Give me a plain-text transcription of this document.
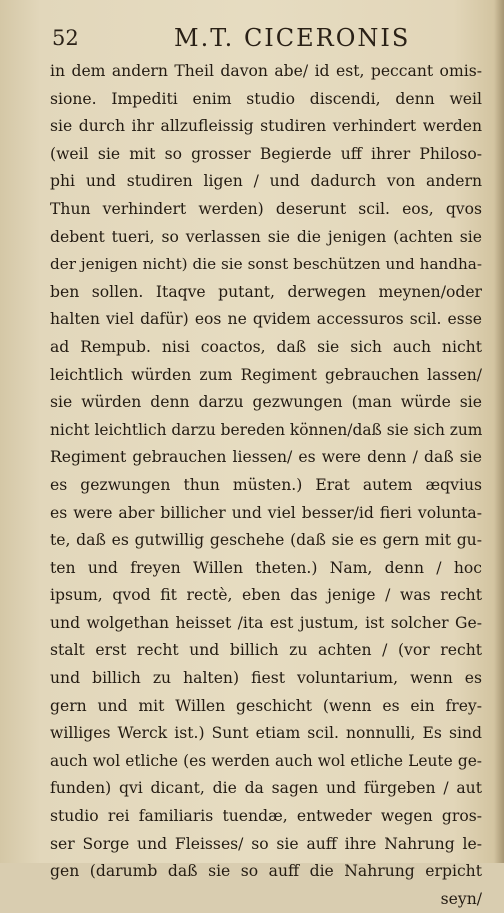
52	M.T. CICERONIS
in dem andern Theil davon abe/ id est, peccant omis-
sione. Impediti enim studio discendi, denn weil
sie durch ihr allzufleissig studiren verhindert werden
(weil sie mit so grosser Begierde uff ihrer Philoso-
phi und studiren ligen / und dadurch von andern
Thun verhindert werden) deserunt scil. eos, qvos
debent tueri, so verlassen sie die jenigen (achten sie
der jenigen nicht) die sie sonst beschützen und handha-
ben sollen. Itaqve putant, derwegen meynen/oder
halten viel dafür) eos ne qvidem accessuros scil. esse
ad Rempub. nisi coactos, daß sie sich auch nicht
leichtlich würden zum Regiment gebrauchen lassen/
sie würden denn darzu gezwungen (man würde sie
nicht leichtlich darzu bereden können/daß sie sich zum
Regiment gebrauchen liessen/ es were denn / daß sie
es gezwungen thun müsten.) Erat autem æqvius
es were aber billicher und viel besser/id fieri volunta-
te, daß es gutwillig geschehe (daß sie es gern mit gu-
ten und freyen Willen theten.) Nam, denn / hoc
ipsum, qvod fit rectè, eben das jenige / was recht
und wolgethan heisset /ita est justum, ist solcher Ge-
stalt erst recht und billich zu achten / (vor recht
und billich zu halten) fiest voluntarium, wenn es
gern und mit Willen geschicht (wenn es ein frey-
williges Werck ist.) Sunt etiam scil. nonnulli, Es sind
auch wol etliche (es werden auch wol etliche Leute ge-
funden) qvi dicant, die da sagen und fürgeben / aut
studio rei familiaris tuendæ, entweder wegen gros-
ser Sorge und Fleisses/ so sie auff ihre Nahrung le-
gen (darumb daß sie so auff die Nahrung erpicht
seyn/
